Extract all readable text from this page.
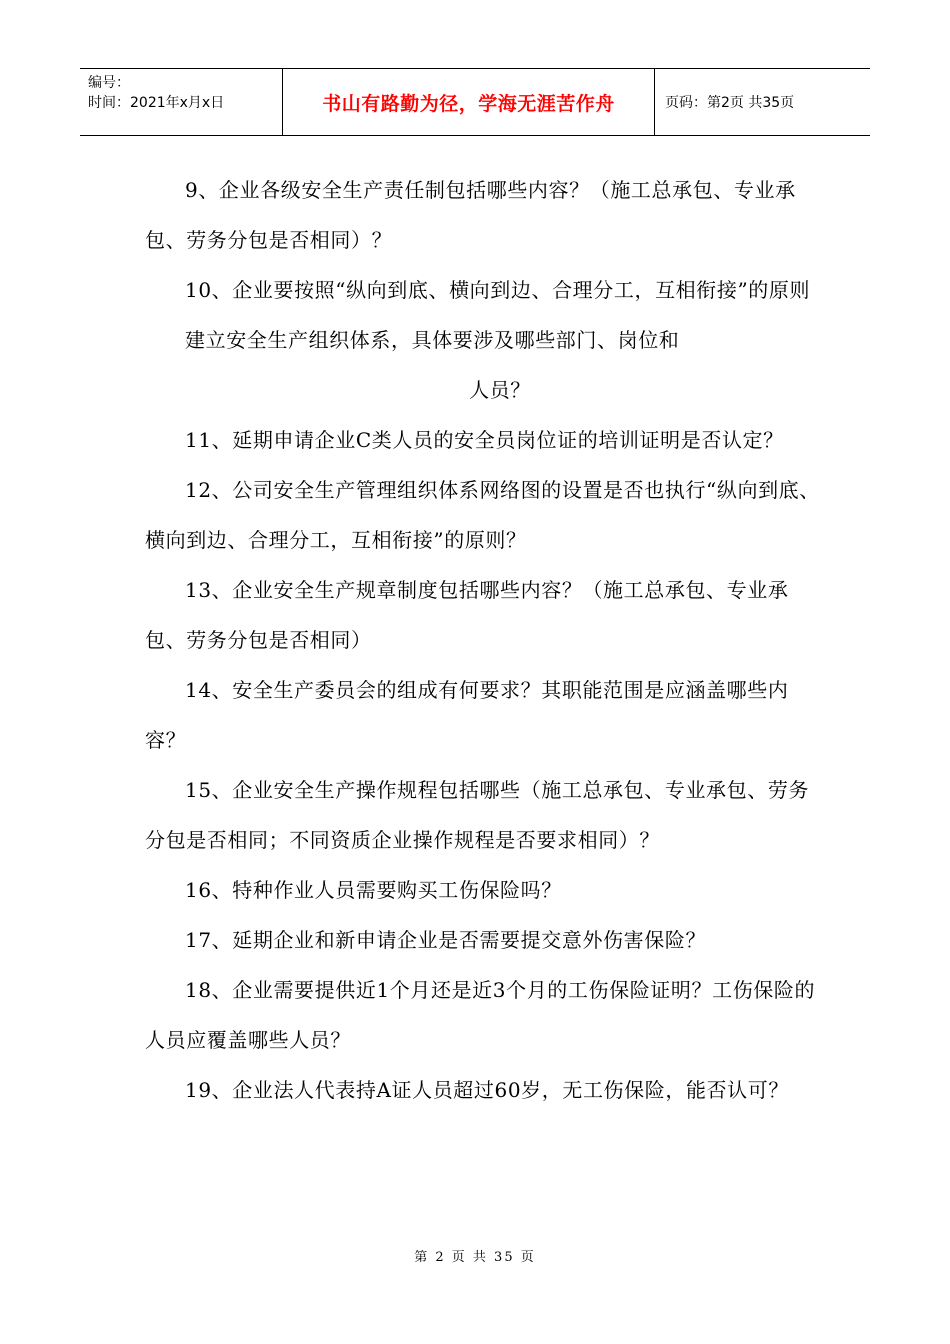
编号：
时间：2021年x月x日	书山有路勤为径，学海无涯苦作舟	页码：第2页 共35页

9、企业各级安全生产责任制包括哪些内容？（施工总承包、专业承包、劳务分包是否相同）？

10、企业要按照“纵向到底、横向到边、合理分工，互相衔接”的原则建立安全生产组织体系，具体要涉及哪些部门、岗位和
人员？

11、延期申请企业C类人员的安全员岗位证的培训证明是否认定？

12、公司安全生产管理组织体系网络图的设置是否也执行“纵向到底、横向到边、合理分工，互相衔接”的原则？

13、企业安全生产规章制度包括哪些内容？（施工总承包、专业承包、劳务分包是否相同）

14、安全生产委员会的组成有何要求？其职能范围是应涵盖哪些内容？

15、企业安全生产操作规程包括哪些（施工总承包、专业承包、劳务分包是否相同；不同资质企业操作规程是否要求相同）？

16、特种作业人员需要购买工伤保险吗？

17、延期企业和新申请企业是否需要提交意外伤害保险？

18、企业需要提供近1个月还是近3个月的工伤保险证明？工伤保险的人员应覆盖哪些人员？

19、企业法人代表持A证人员超过60岁，无工伤保险，能否认可？

第 2 页 共 35 页
